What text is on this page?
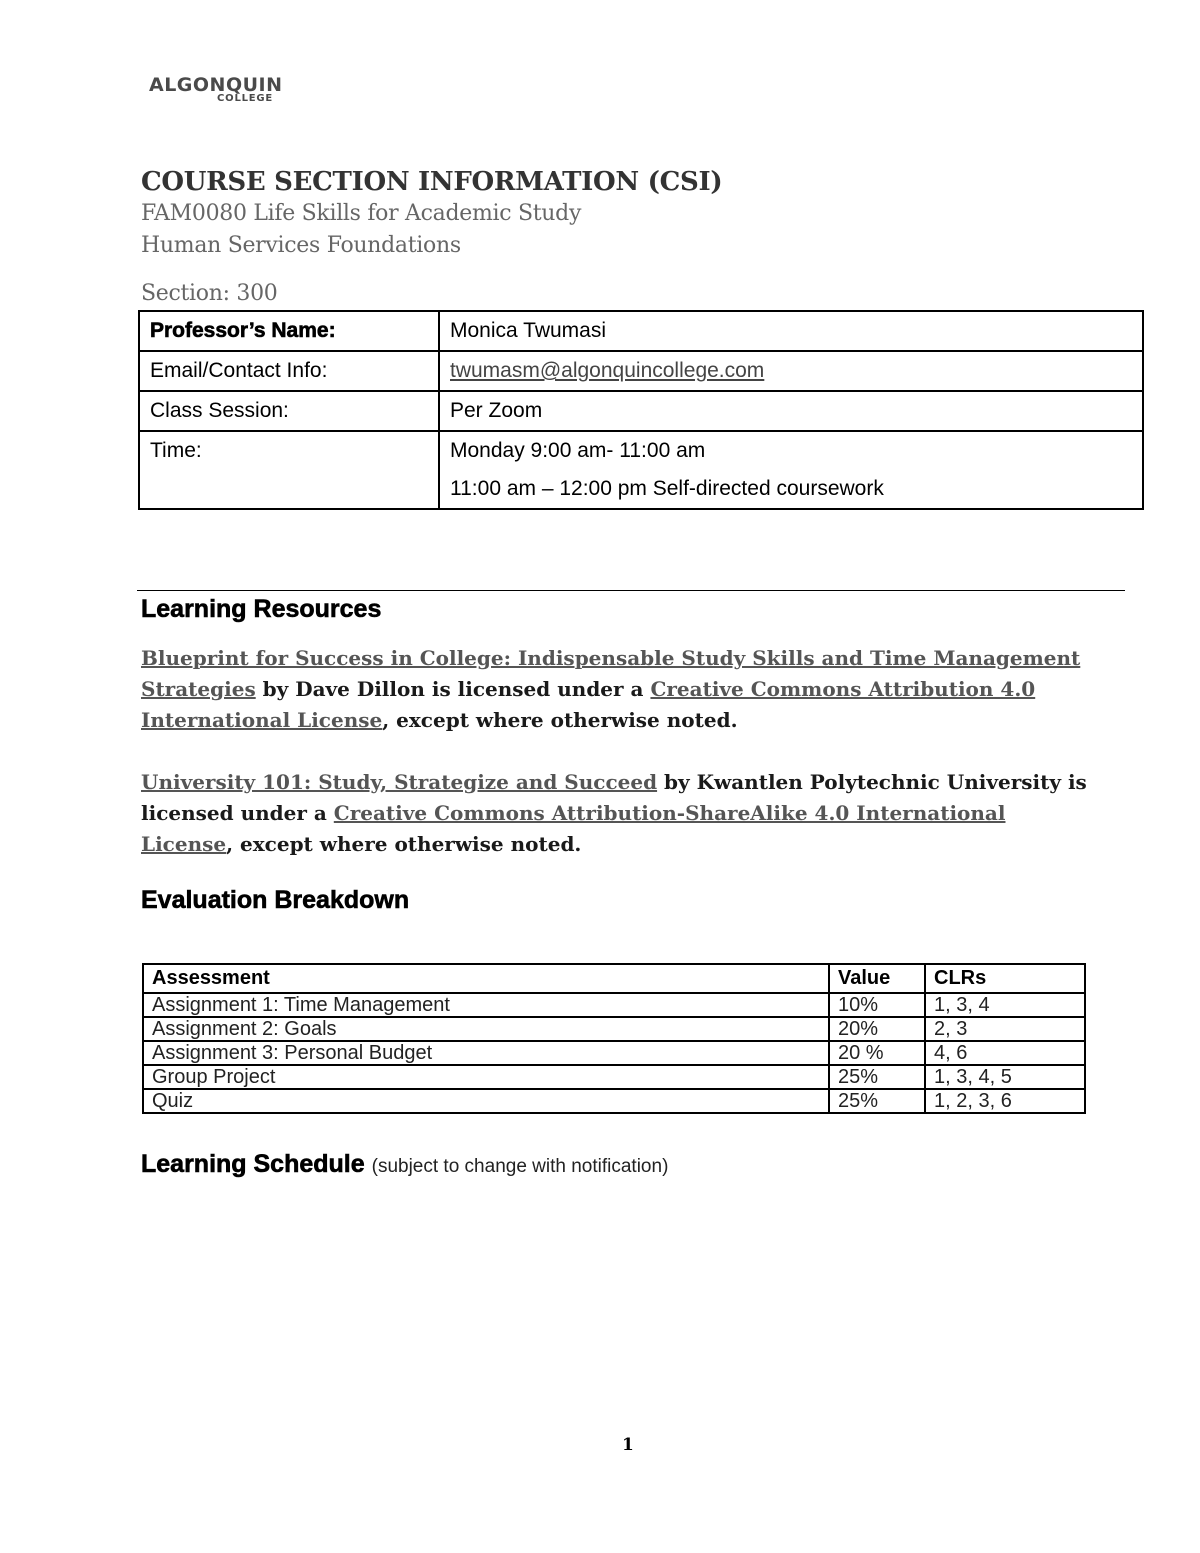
ALGONQUIN
COLLEGE
COURSE SECTION INFORMATION (CSI)

FAM0080 Life Skills for Academic Study

Human Services Foundations

Section: 300

Professor’s Name:	Monica Twumasi
Email/Contact Info:	twumasm@algonquincollege.com
Class Session:	Per Zoom
Time:	Monday 9:00 am- 11:00 am
11:00 am – 12:00 pm Self-directed coursework
Learning Resources

Blueprint for Success in College: Indispensable Study Skills and Time Management Strategies by Dave Dillon is licensed under a Creative Commons Attribution 4.0 International License, except where otherwise noted.

University 101: Study, Strategize and Succeed by Kwantlen Polytechnic University is licensed under a Creative Commons Attribution-ShareAlike 4.0 International License, except where otherwise noted.

Evaluation Breakdown
Assessment	Value	CLRs
Assignment 1: Time Management	10%	1, 3, 4
Assignment 2: Goals	20%	2, 3
Assignment 3: Personal Budget	20 %	4, 6
Group Project	25%	1, 3, 4, 5
Quiz	25%	1, 2, 3, 6

Learning Schedule (subject to change with notification)

1
